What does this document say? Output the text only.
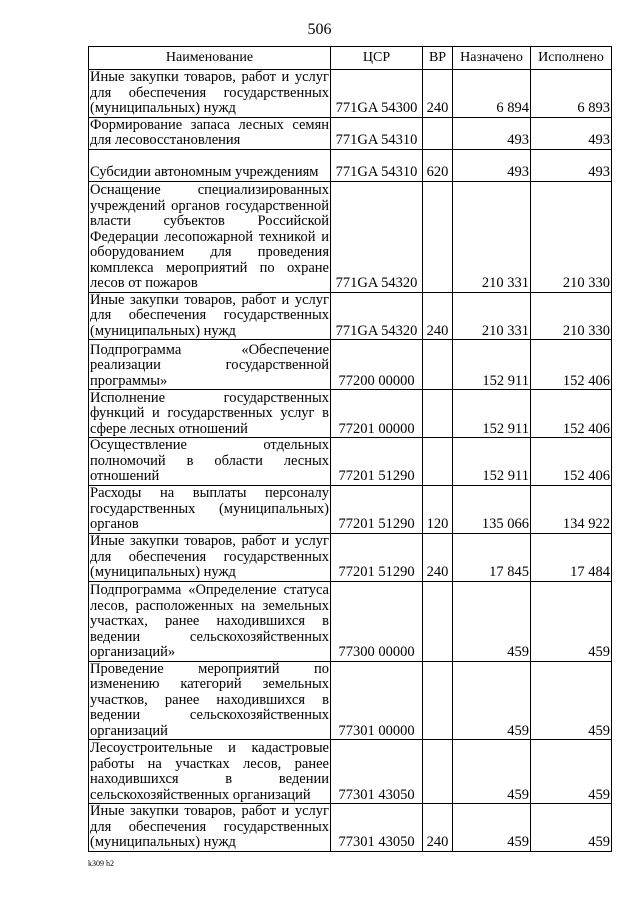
506
Наименование	ЦСР	ВР	Назначено	Исполнено
Иные закупки товаров, работ и услуг для обеспечения государственных (муниципальных) нужд	771GA 54300	240	6 894	6 893
Формирование запаса лесных семян для лесовосстановления	771GA 54310		493	493
Субсидии автономным учреждениям	771GA 54310	620	493	493
Оснащение специализированных учреждений органов государственной власти субъектов Российской Федерации лесопожарной техникой и оборудованием для проведения комплекса мероприятий по охране лесов от пожаров	771GA 54320		210 331	210 330
Иные закупки товаров, работ и услуг для обеспечения государственных (муниципальных) нужд	771GA 54320	240	210 331	210 330
Подпрограмма «Обеспечение реализации государственной программы»	77200 00000		152 911	152 406
Исполнение государственных функций и государственных услуг в сфере лесных отношений	77201 00000		152 911	152 406
Осуществление отдельных полномочий в области лесных отношений	77201 51290		152 911	152 406
Расходы на выплаты персоналу государственных (муниципальных) органов	77201 51290	120	135 066	134 922
Иные закупки товаров, работ и услуг для обеспечения государственных (муниципальных) нужд	77201 51290	240	17 845	17 484
Подпрограмма «Определение статуса лесов, расположенных на земельных участках, ранее находившихся в ведении сельскохозяйственных организаций»	77300 00000		459	459
Проведение мероприятий по изменению категорий земельных участков, ранее находившихся в ведении сельскохозяйственных организаций	77301 00000		459	459
Лесоустроительные и кадастровые работы на участках лесов, ранее находившихся в ведении сельскохозяйственных организаций	77301 43050		459	459
Иные закупки товаров, работ и услуг для обеспечения государственных (муниципальных) нужд	77301 43050	240	459	459
k309 h2
